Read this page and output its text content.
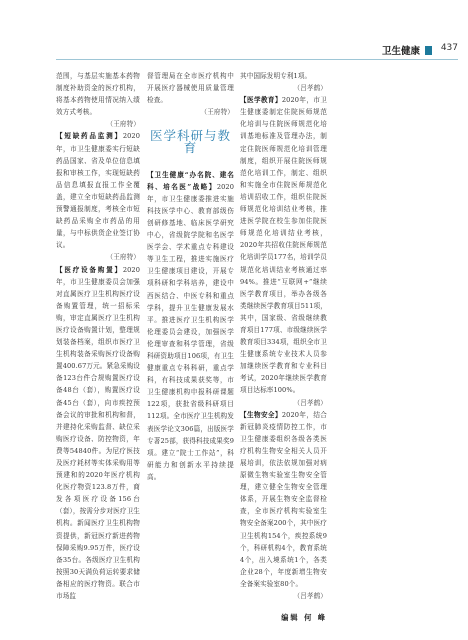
卫生健康 437

范围，与基层实施基本药物制度补助资金的医疗机构，将基本药物使用情况纳入绩效方式考核。

（王府特）

【短缺药品监测】2020年，市卫生健康委实行短缺药品国家、省及单位信息填报和审核工作，实现短缺药品信息填报直报工作全覆盖，建立全市短缺药品监测预警通报制度，考核全市短缺药品采购全市药品的用量，与中标供货企业签订协议。

（王府特）

【医疗设备购置】2020年，市卫生健康委员会加强对直属医疗卫生机构医疗设备购置管理，统一招标采购，审定直属医疗卫生机构医疗设备购置计划，整理规划装备档案，组织市医疗卫生机构装备采购医疗设备购置400.67万元。紧急采购设备123台件合规购置医疗设备48台（套），购置医疗设备45台（套），向市疾控预备会议的审批和机构和督，并建持化采购监督、缺位采购医疗设备、防控物资，年费等54840件。为尼疗医技及医疗耗材等实体采购用等预建和的2020年医疗机构化医疗物资123.8万件，商发各项医疗设备156台（套），按需分步对医疗卫生机构。新闻医疗卫生机构物资提供，新冠医疗新进药物保障采购9.95万件，医疗设备35台。各级医疗卫生机构按照30天满负荷运转要求储备相应的医疗物资。联合市市场监

督管理局在全市医疗机构中开展医疗器械使用质量管理检查。

（王府特）

医学科研与教育

【卫生健康“办名院、建名科、培名医”战略】2020年，市卫生健康委推进实施科技医学中心、教育部级伤创研修基地、临床医学研究中心，省级院学院和名医学医学会、学术重点专科建设等卫生工程，推进实施医疗卫生健康项目建设，开展专项科研和学科培养，建设中西医结合、中医专科和重点学科，提升卫生健康发展水平。推进医疗卫生机构医学伦理委员会建设，加强医学伦理审查和科学管理，省级科研资助项目106项，有卫生健康重点专科科研，重点学科，有科技成果获奖等，市卫生健康机构申报科研课题122项，获批省级科研项目112项。全市医疗卫生机构发表医学论文306篇，出版医学专著25部，获得科技成果奖9项。建立“院士工作站”，科研能力和创新水平持续提高。

其中国际发明专利1项。

（吕孝鹤）

【医学教育】2020年，市卫生健康委制定住院医师规范化培训与住院医师规范化培训基地标准及管理办法，制定住院医师规范化培训管理制度，组织开展住院医师规范化培训工作，制定、组织和实施全市住院医师规范化培训招收工作，组织住院医师规范化培训结业考核，推进医学院在校生参加住院医师规范化培训结业考核，2020年共招收住院医师规范化培训学员177名，培训学员规范化培训结业考核通过率94%。推进“互联网+”继续医学教育项目，举办各级各类继续医学教育项目511项，其中，国家级、省级继续教育项目177项、市级继续医学教育项目334项，组织全市卫生健康系统专业技术人员参加继续医学教育和专业科目考试，2020年继续医学教育项目达标率100%。

（吕孝鹤）

【生物安全】2020年，结合新冠肺炎疫情防控工作，市卫生健康委组织各级各类医疗机构生物安全相关人员开展培训，依法依规加强对病原微生物实验室生物安全管理，建立健全生物安全管理体系，开展生物安全监督检查，全市医疗机构实验室生物安全备案200个，其中医疗卫生机构154个，疾控系统9个，科研机构4个，教育系统4个，出入境系统1个，各类企业28个，年度新增生物安全备案实验室80个。

（吕孝鹤）

编辑 何 峰
